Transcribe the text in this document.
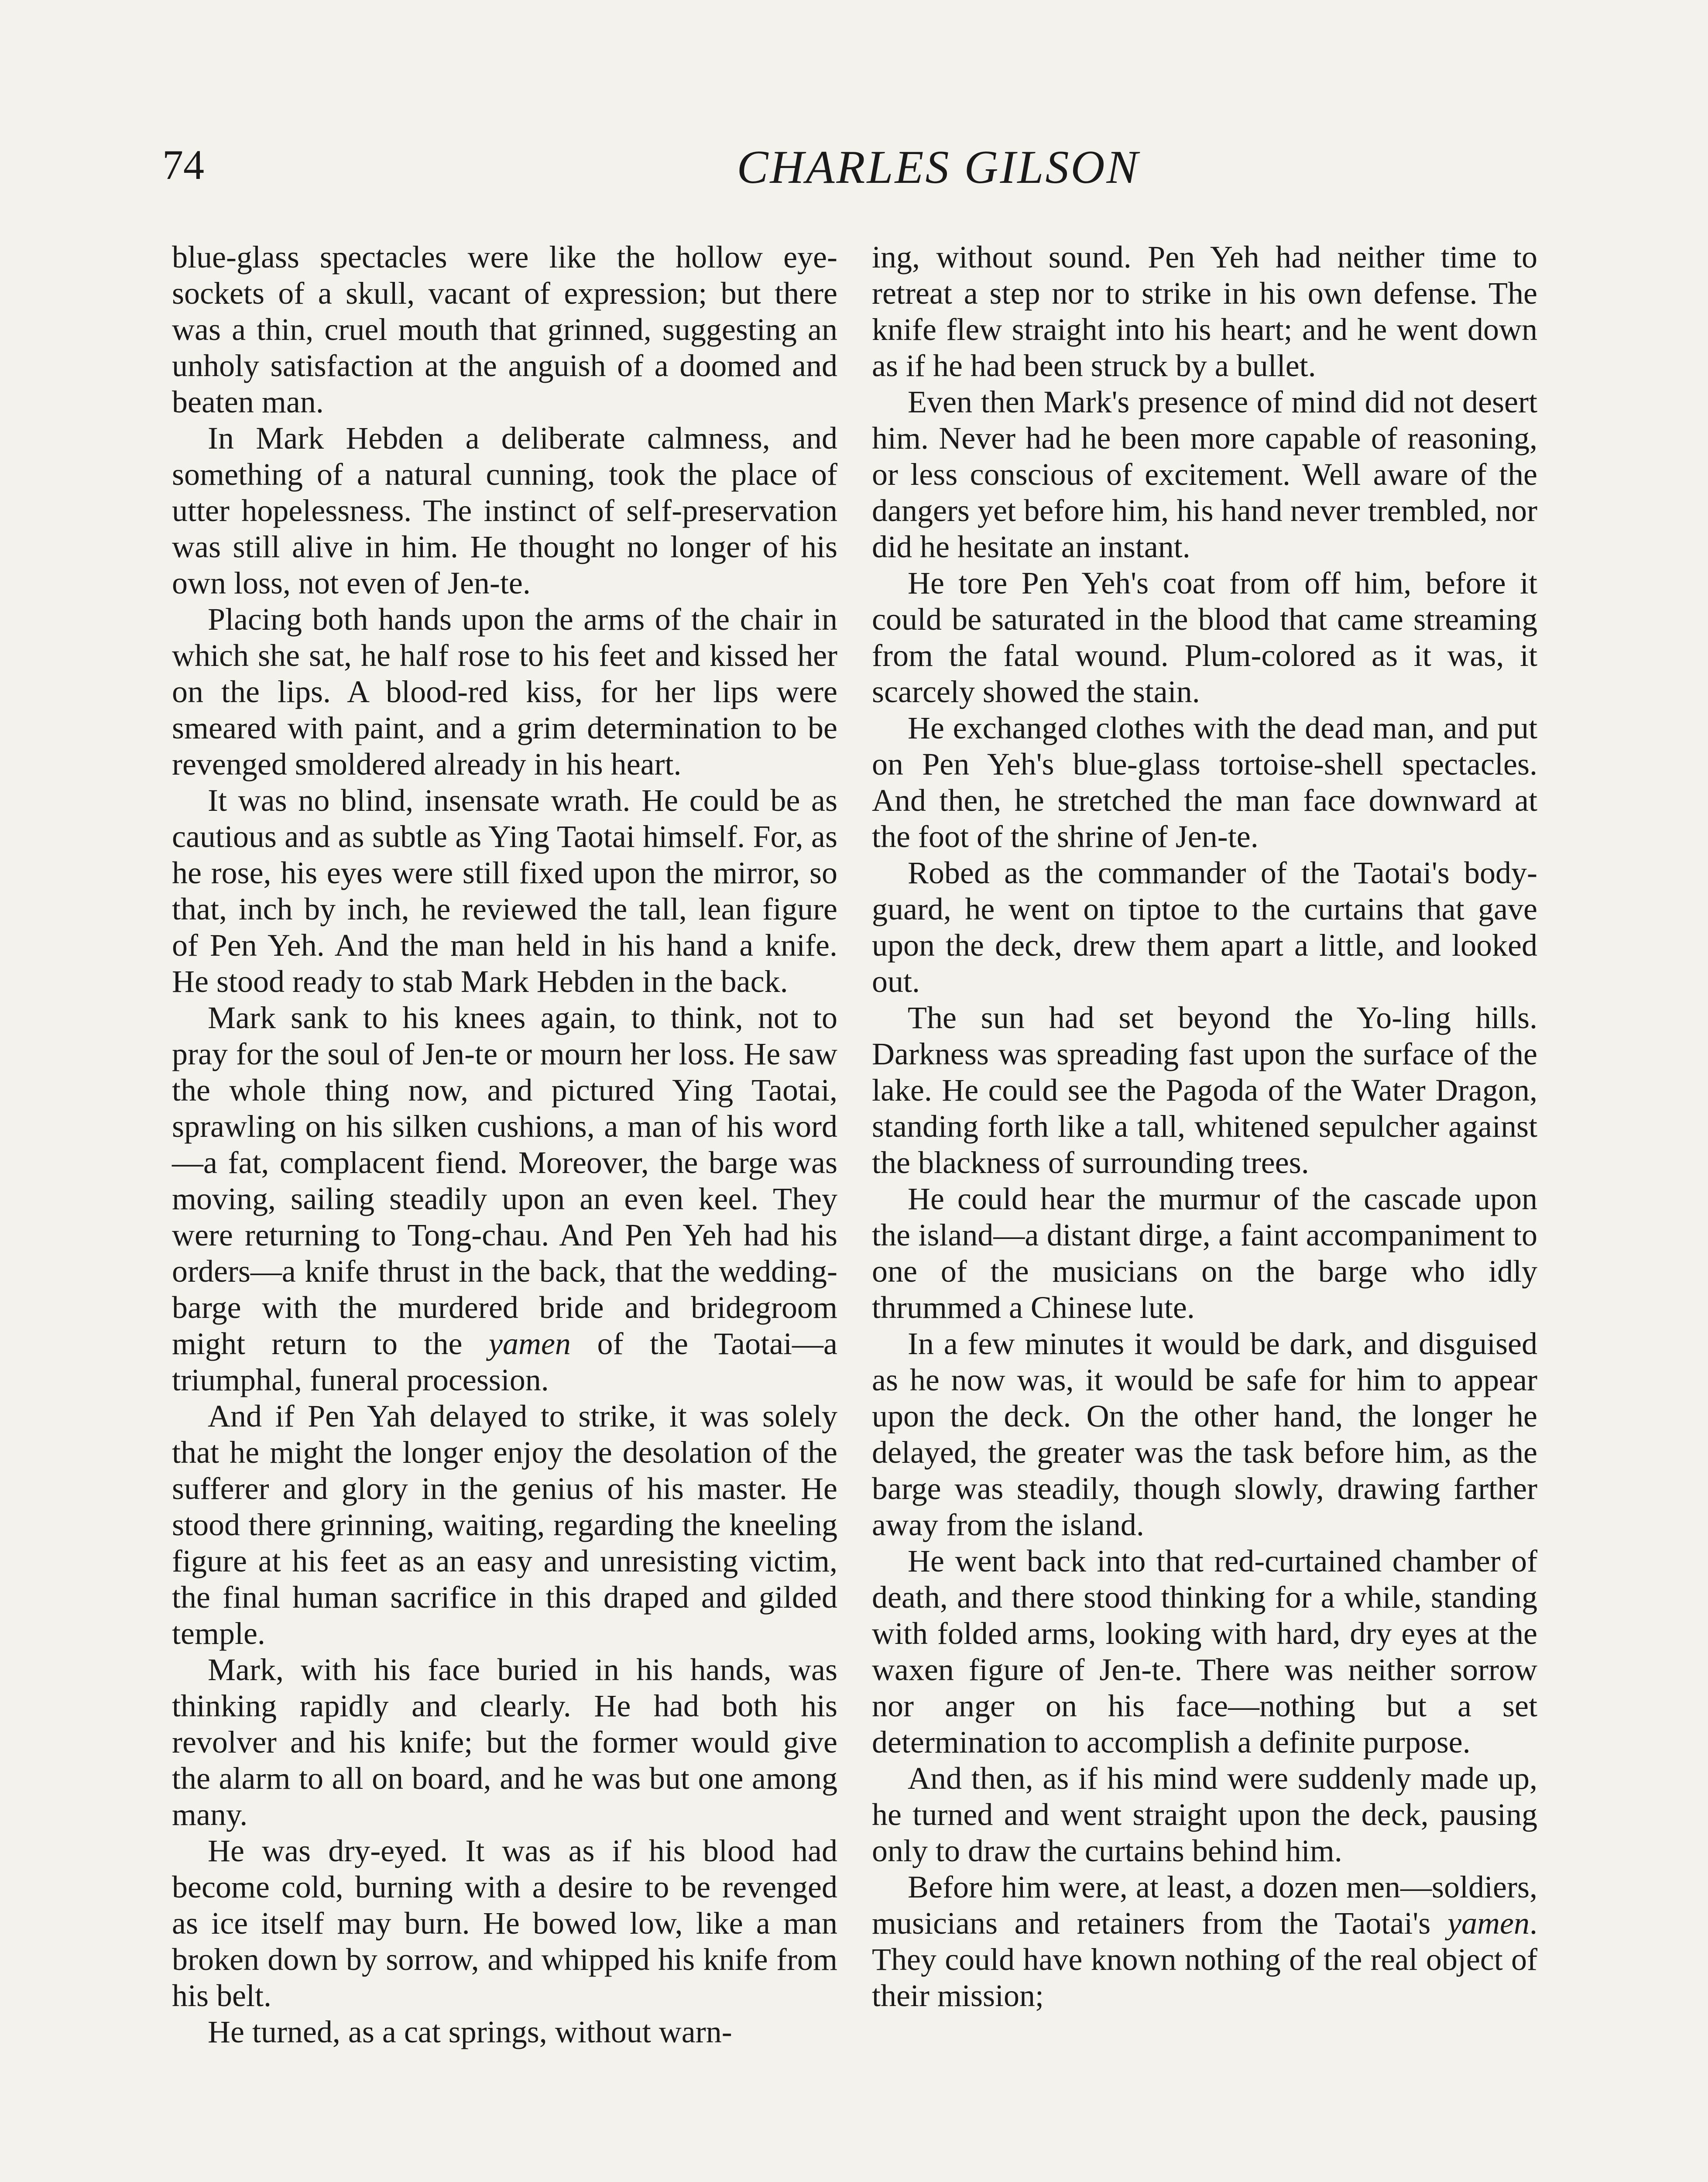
74	CHARLES GILSON

blue-glass spectacles were like the hollow eye-sockets of a skull, vacant of expression; but there was a thin, cruel mouth that grinned, suggesting an unholy satisfaction at the anguish of a doomed and beaten man.

In Mark Hebden a deliberate calmness, and something of a natural cunning, took the place of utter hopelessness. The instinct of self-preservation was still alive in him. He thought no longer of his own loss, not even of Jen-te.

Placing both hands upon the arms of the chair in which she sat, he half rose to his feet and kissed her on the lips. A blood-red kiss, for her lips were smeared with paint, and a grim determination to be revenged smoldered already in his heart.

It was no blind, insensate wrath. He could be as cautious and as subtle as Ying Taotai himself. For, as he rose, his eyes were still fixed upon the mirror, so that, inch by inch, he reviewed the tall, lean figure of Pen Yeh. And the man held in his hand a knife. He stood ready to stab Mark Hebden in the back.

Mark sank to his knees again, to think, not to pray for the soul of Jen-te or mourn her loss. He saw the whole thing now, and pictured Ying Taotai, sprawling on his silken cushions, a man of his word—a fat, complacent fiend. Moreover, the barge was moving, sailing steadily upon an even keel. They were returning to Tong-chau. And Pen Yeh had his orders—a knife thrust in the back, that the wedding-barge with the murdered bride and bridegroom might return to the yamen of the Taotai—a triumphal, funeral procession.

And if Pen Yah delayed to strike, it was solely that he might the longer enjoy the desolation of the sufferer and glory in the genius of his master. He stood there grinning, waiting, regarding the kneeling figure at his feet as an easy and unresisting victim, the final human sacrifice in this draped and gilded temple.

Mark, with his face buried in his hands, was thinking rapidly and clearly. He had both his revolver and his knife; but the former would give the alarm to all on board, and he was but one among many.

He was dry-eyed. It was as if his blood had become cold, burning with a desire to be revenged as ice itself may burn. He bowed low, like a man broken down by sorrow, and whipped his knife from his belt.

He turned, as a cat springs, without warn-

ing, without sound. Pen Yeh had neither time to retreat a step nor to strike in his own defense. The knife flew straight into his heart; and he went down as if he had been struck by a bullet.

Even then Mark's presence of mind did not desert him. Never had he been more capable of reasoning, or less conscious of excitement. Well aware of the dangers yet before him, his hand never trembled, nor did he hesitate an instant.

He tore Pen Yeh's coat from off him, before it could be saturated in the blood that came streaming from the fatal wound. Plum-colored as it was, it scarcely showed the stain.

He exchanged clothes with the dead man, and put on Pen Yeh's blue-glass tortoise-shell spectacles. And then, he stretched the man face downward at the foot of the shrine of Jen-te.

Robed as the commander of the Taotai's body-guard, he went on tiptoe to the curtains that gave upon the deck, drew them apart a little, and looked out.

The sun had set beyond the Yo-ling hills. Darkness was spreading fast upon the surface of the lake. He could see the Pagoda of the Water Dragon, standing forth like a tall, whitened sepulcher against the blackness of surrounding trees.

He could hear the murmur of the cascade upon the island—a distant dirge, a faint accompaniment to one of the musicians on the barge who idly thrummed a Chinese lute.

In a few minutes it would be dark, and disguised as he now was, it would be safe for him to appear upon the deck. On the other hand, the longer he delayed, the greater was the task before him, as the barge was steadily, though slowly, drawing farther away from the island.

He went back into that red-curtained chamber of death, and there stood thinking for a while, standing with folded arms, looking with hard, dry eyes at the waxen figure of Jen-te. There was neither sorrow nor anger on his face—nothing but a set determination to accomplish a definite purpose.

And then, as if his mind were suddenly made up, he turned and went straight upon the deck, pausing only to draw the curtains behind him.

Before him were, at least, a dozen men—soldiers, musicians and retainers from the Taotai's yamen. They could have known nothing of the real object of their mission;
